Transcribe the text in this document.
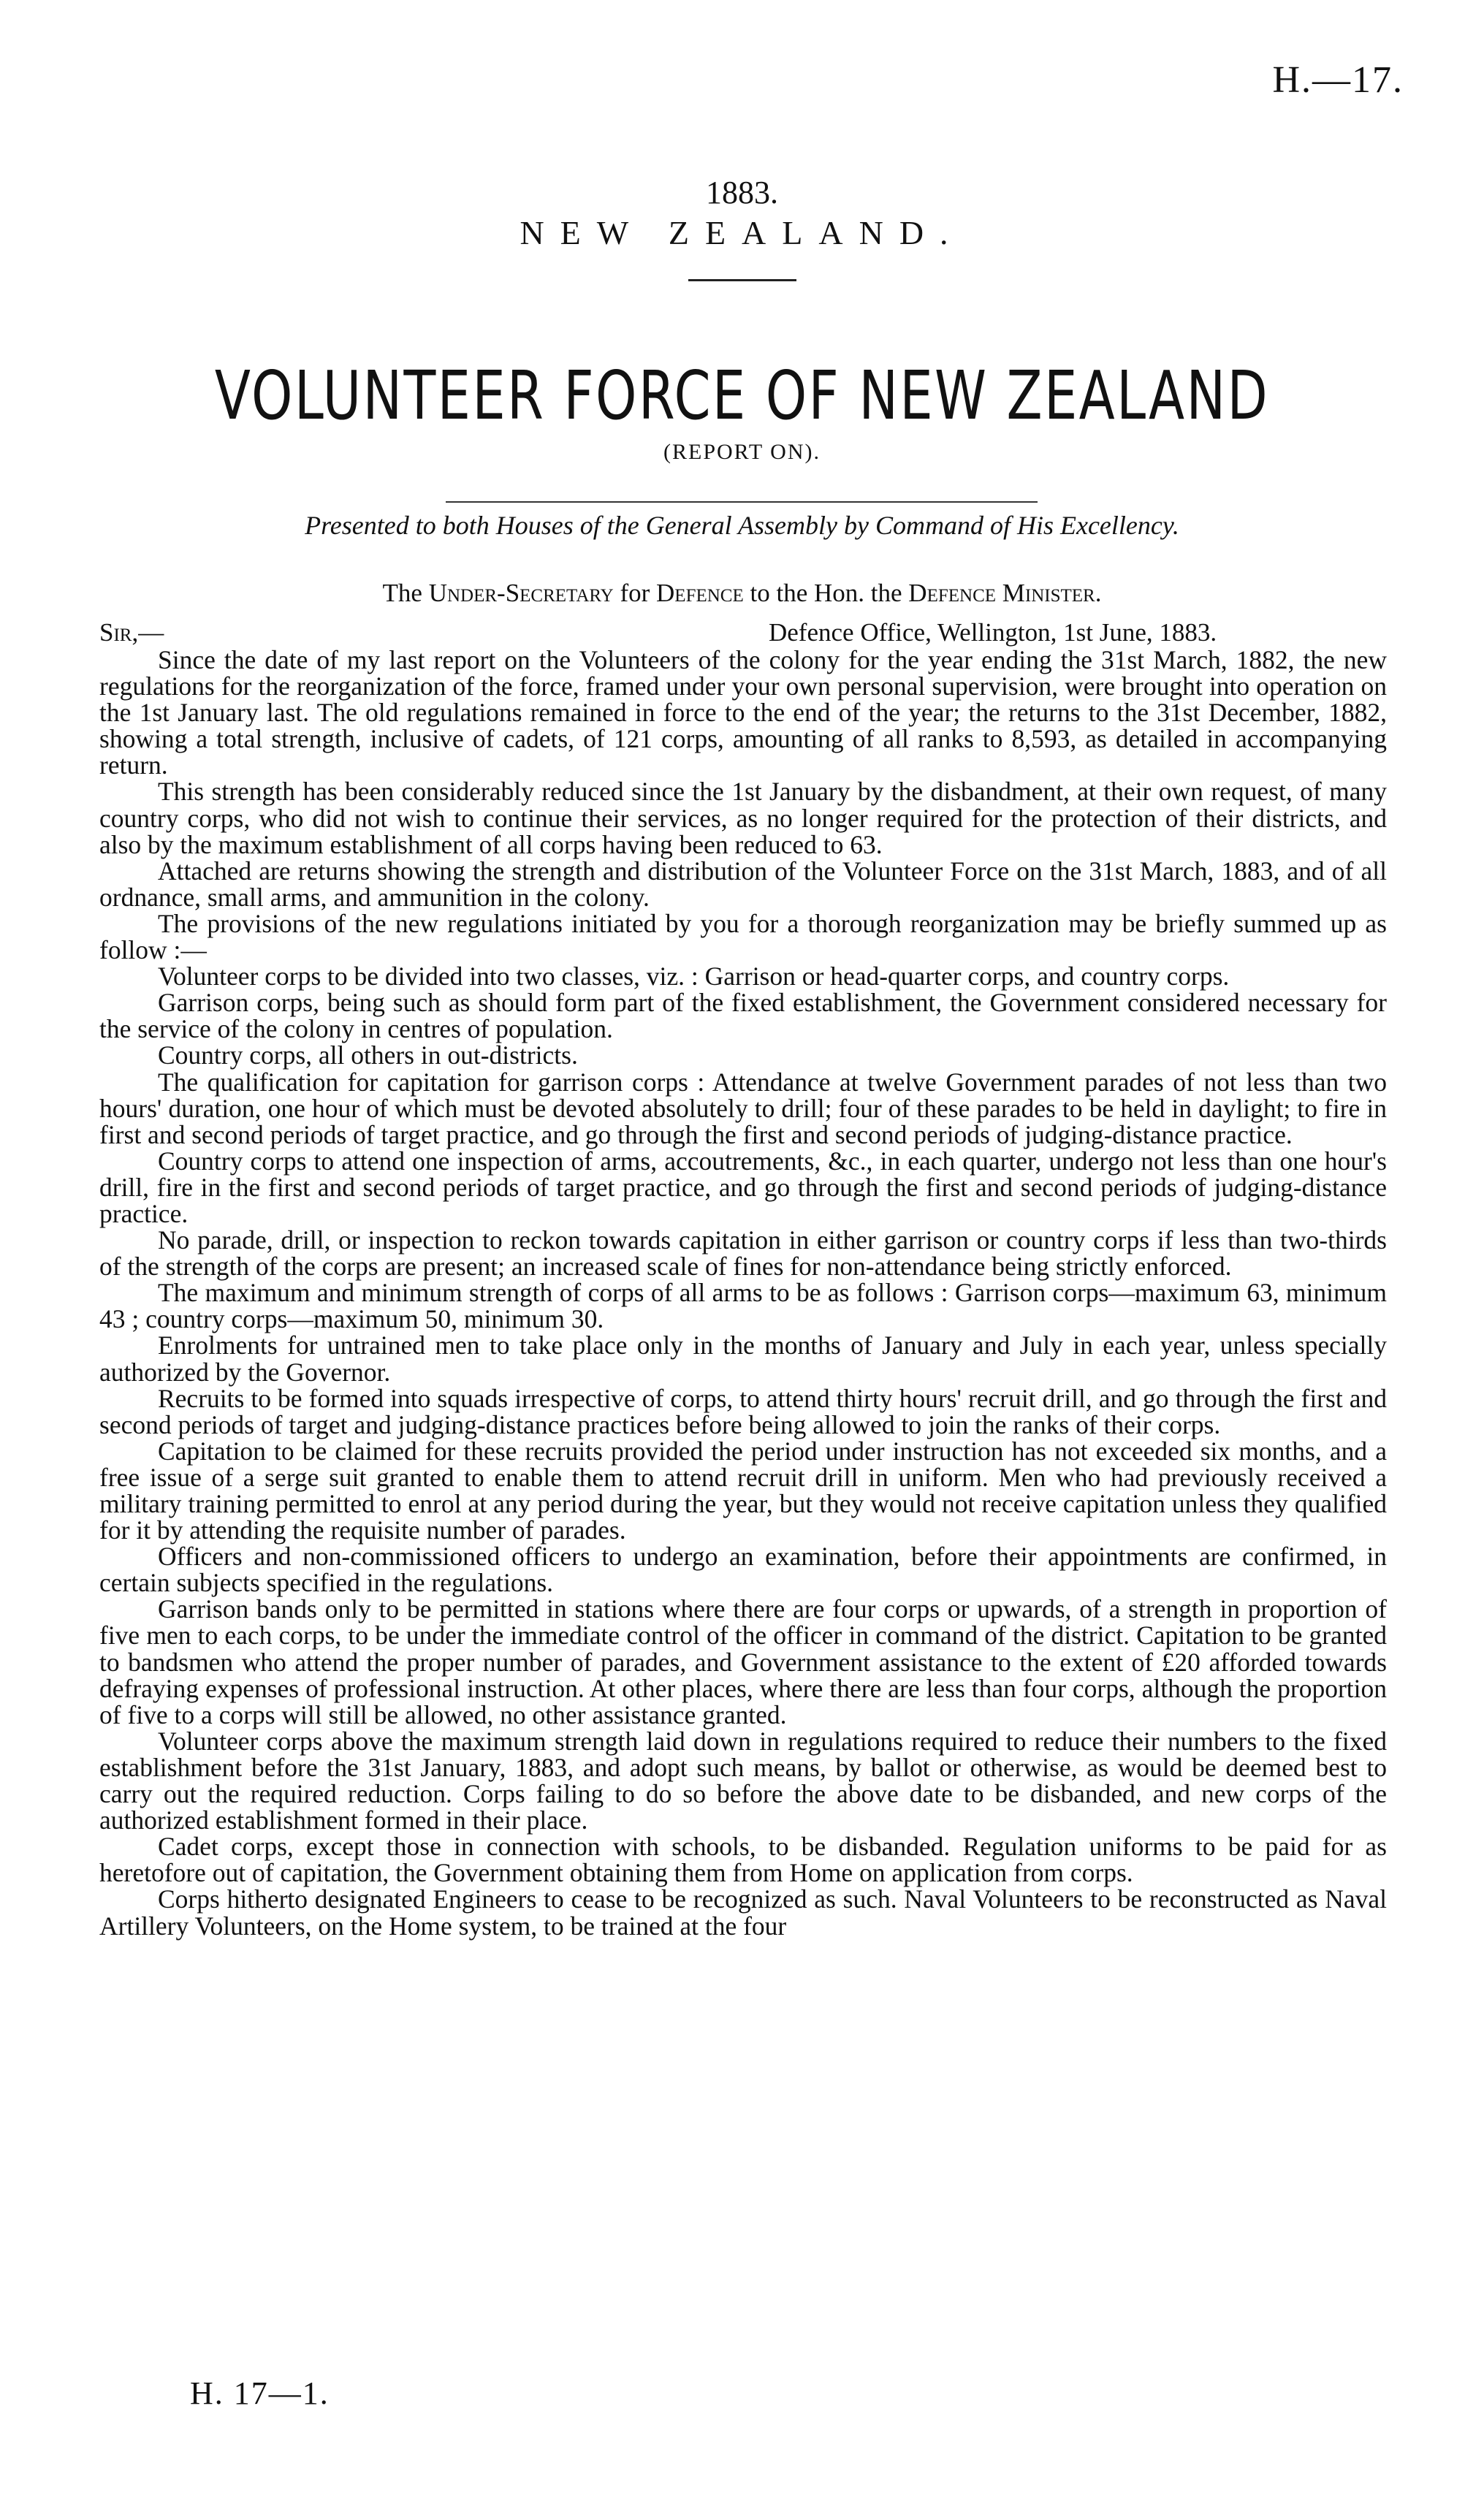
H.—17.
1883.
NEW ZEALAND.
VOLUNTEER FORCE OF NEW ZEALAND
(REPORT ON).
Presented to both Houses of the General Assembly by Command of His Excellency.
The Under-Secretary for Defence to the Hon. the Defence Minister.
Sir,—	Defence Office, Wellington, 1st June, 1883.

Since the date of my last report on the Volunteers of the colony for the year ending the 31st March, 1882, the new regulations for the reorganization of the force, framed under your own personal supervision, were brought into operation on the 1st January last. The old regulations remained in force to the end of the year; the returns to the 31st December, 1882, showing a total strength, inclusive of cadets, of 121 corps, amounting of all ranks to 8,593, as detailed in accompanying return.

This strength has been considerably reduced since the 1st January by the disbandment, at their own request, of many country corps, who did not wish to continue their services, as no longer required for the protection of their districts, and also by the maximum establishment of all corps having been reduced to 63.

Attached are returns showing the strength and distribution of the Volunteer Force on the 31st March, 1883, and of all ordnance, small arms, and ammunition in the colony.

The provisions of the new regulations initiated by you for a thorough reorganization may be briefly summed up as follow :—

Volunteer corps to be divided into two classes, viz. : Garrison or head-quarter corps, and country corps.

Garrison corps, being such as should form part of the fixed establishment, the Government considered necessary for the service of the colony in centres of population.

Country corps, all others in out-districts.

The qualification for capitation for garrison corps : Attendance at twelve Government parades of not less than two hours' duration, one hour of which must be devoted absolutely to drill; four of these parades to be held in daylight; to fire in first and second periods of target practice, and go through the first and second periods of judging-distance practice.

Country corps to attend one inspection of arms, accoutrements, &c., in each quarter, undergo not less than one hour's drill, fire in the first and second periods of target practice, and go through the first and second periods of judging-distance practice.

No parade, drill, or inspection to reckon towards capitation in either garrison or country corps if less than two-thirds of the strength of the corps are present; an increased scale of fines for non-attendance being strictly enforced.

The maximum and minimum strength of corps of all arms to be as follows : Garrison corps—maximum 63, minimum 43 ; country corps—maximum 50, minimum 30.

Enrolments for untrained men to take place only in the months of January and July in each year, unless specially authorized by the Governor.

Recruits to be formed into squads irrespective of corps, to attend thirty hours' recruit drill, and go through the first and second periods of target and judging-distance practices before being allowed to join the ranks of their corps.

Capitation to be claimed for these recruits provided the period under instruction has not exceeded six months, and a free issue of a serge suit granted to enable them to attend recruit drill in uniform. Men who had previously received a military training permitted to enrol at any period during the year, but they would not receive capitation unless they qualified for it by attending the requisite number of parades.

Officers and non-commissioned officers to undergo an examination, before their appointments are confirmed, in certain subjects specified in the regulations.

Garrison bands only to be permitted in stations where there are four corps or upwards, of a strength in proportion of five men to each corps, to be under the immediate control of the officer in command of the district. Capitation to be granted to bandsmen who attend the proper number of parades, and Government assistance to the extent of £20 afforded towards defraying expenses of professional instruction. At other places, where there are less than four corps, although the proportion of five to a corps will still be allowed, no other assistance granted.

Volunteer corps above the maximum strength laid down in regulations required to reduce their numbers to the fixed establishment before the 31st January, 1883, and adopt such means, by ballot or otherwise, as would be deemed best to carry out the required reduction. Corps failing to do so before the above date to be disbanded, and new corps of the authorized establishment formed in their place.

Cadet corps, except those in connection with schools, to be disbanded. Regulation uniforms to be paid for as heretofore out of capitation, the Government obtaining them from Home on application from corps.

Corps hitherto designated Engineers to cease to be recognized as such. Naval Volunteers to be reconstructed as Naval Artillery Volunteers, on the Home system, to be trained at the four

H. 17—1.
